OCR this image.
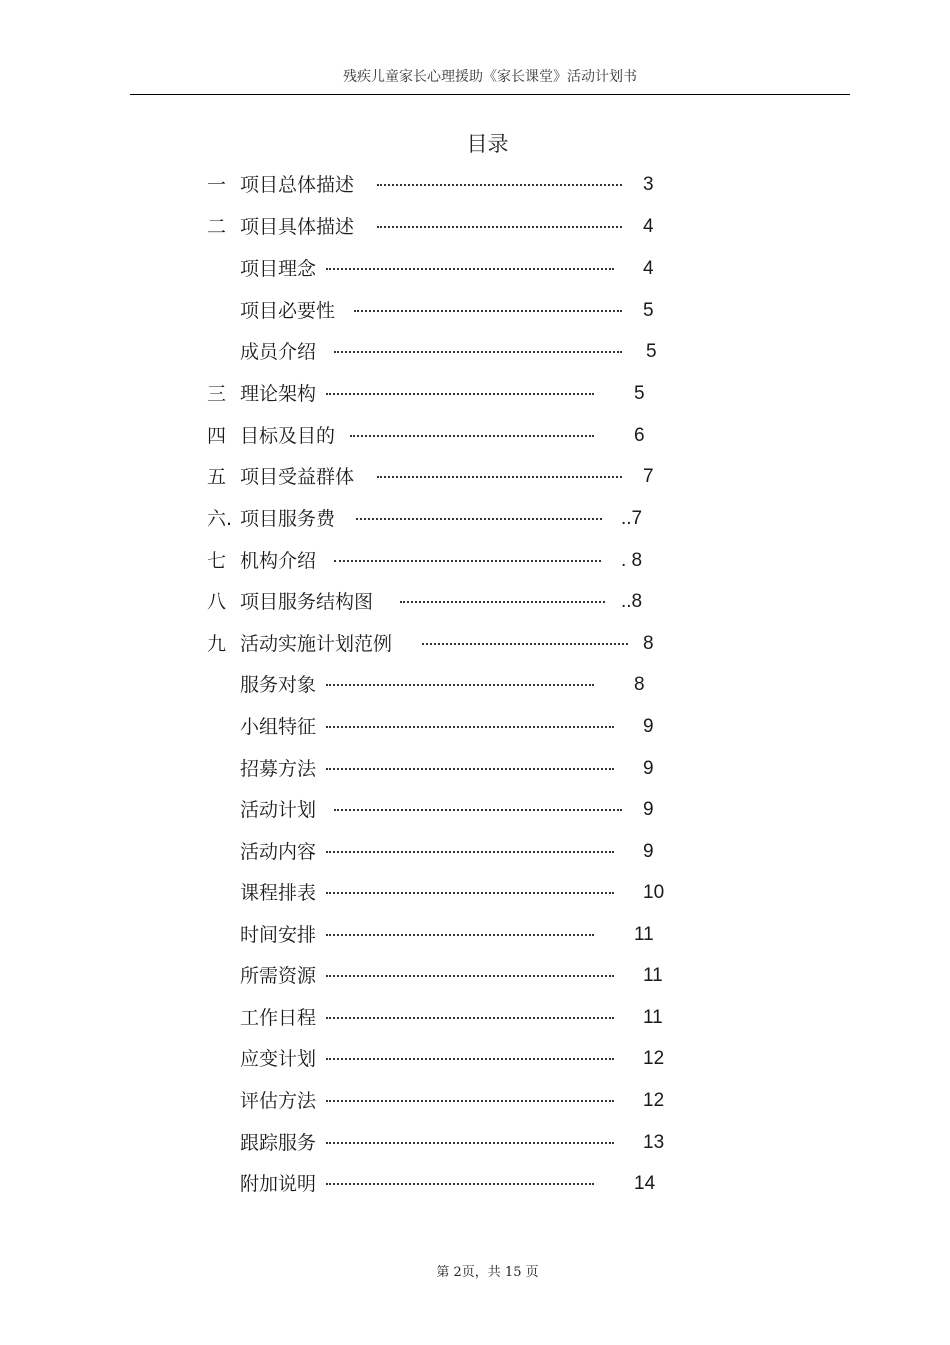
残疾儿童家长心理援助《家长课堂》活动计划书
目录
一 项目总体描述	3
二 项目具体描述	4
项目理念	4
项目必要性	5
成员介绍	5
三 理论架构	5
四 目标及目的	6
五 项目受益群体	7
六. 项目服务费	..7
七 机构介绍	. 8
八 项目服务结构图	..8
九 活动实施计划范例	8
服务对象	8
小组特征	9
招募方法	9
活动计划	9
活动内容	9
课程排表	10
时间安排	11
所需资源	11
工作日程	11
应变计划	12
评估方法	12
跟踪服务	13
附加说明	14
第 2页，共 15 页
